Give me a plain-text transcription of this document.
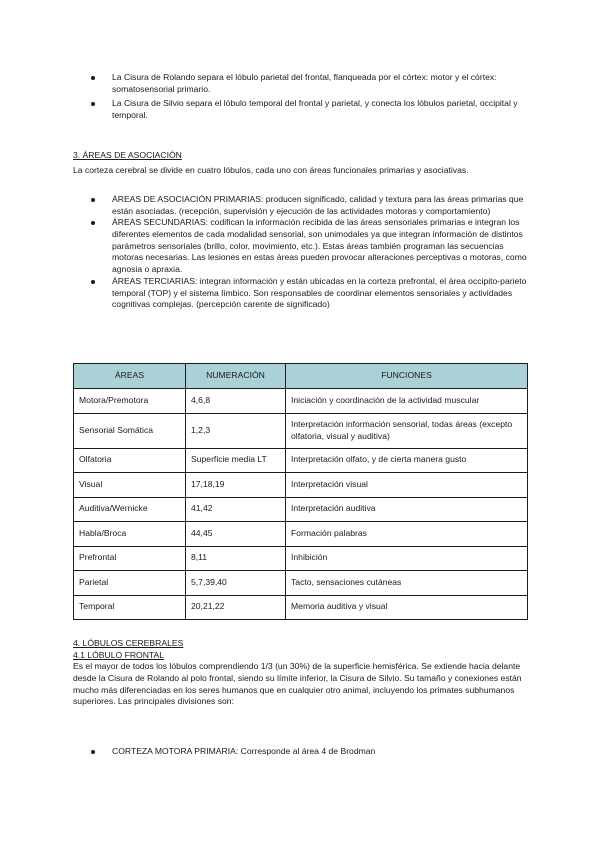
La Cisura de Rolando separa el lóbulo parietal del frontal, flanqueada por el córtex: motor y el córtex: somatosensorial primario.
La Cisura de Silvio separa el lóbulo temporal del frontal y parietal, y conecta los lóbulos parietal, occipital y temporal.

3. ÁREAS DE ASOCIACIÓN

La corteza cerebral se divide en cuatro lóbulos, cada uno con áreas funcionales primarias y asociativas.

ÁREAS DE ASOCIACIÓN PRIMARIAS: producen significado, calidad y textura para las áreas primarias que están asociadas. (recepción, supervisión y ejecución de las actividades motoras y comportamiento)
ÁREAS SECUNDARIAS: codifican la información recibida de las áreas sensoriales primarias e integran los diferentes elementos de cada modalidad sensorial, son unimodales ya que integran información de distintos parámetros sensoriales (brillo, color, movimiento, etc.). Estas áreas también programan las secuencias motoras necesarias. Las lesiones en estas áreas pueden provocar alteraciones perceptivas o motoras, como agnosia o apraxia.
ÁREAS TERCIARIAS: integran información y están ubicadas en la corteza prefrontal, el área occipito-parieto temporal (TOP) y el sistema límbico. Son responsables de coordinar elementos sensoriales y actividades cognitivas complejas. (percepción carente de significado)
ÁREAS	NUMERACIÓN	FUNCIONES
Motora/Premotora	4,6,8	Iniciación y coordinación de la actividad muscular
Sensorial Somática	1,2,3	Interpretación información sensorial, todas áreas (excepto olfatoria, visual y auditiva)
Olfatoria	Superficie media LT	Interpretación olfato, y de cierta manera gusto
Visual	17,18,19	Interpretación visual
Auditiva/Wernicke	41,42	Interpretación auditiva
Habla/Broca	44,45	Formación palabras
Prefrontal	8,11	Inhibición
Parietal	5,7,39,40	Tacto, sensaciones cutáneas
Temporal	20,21,22	Memoria auditiva y visual

4. LÓBULOS CEREBRALES

4.1 LÓBULO FRONTAL

Es el mayor de todos los lóbulos comprendiendo 1/3 (un 30%) de la superficie hemisférica. Se extiende hacia delante desde la Cisura de Rolando al polo frontal, siendo su límite inferior, la Cisura de Silvio. Su tamaño y conexiones están mucho más diferenciadas en los seres humanos que en cualquier otro animal, incluyendo los primates subhumanos superiores. Las principales divisiones son:

CORTEZA MOTORA PRIMARIA: Corresponde al área 4 de Brodman
